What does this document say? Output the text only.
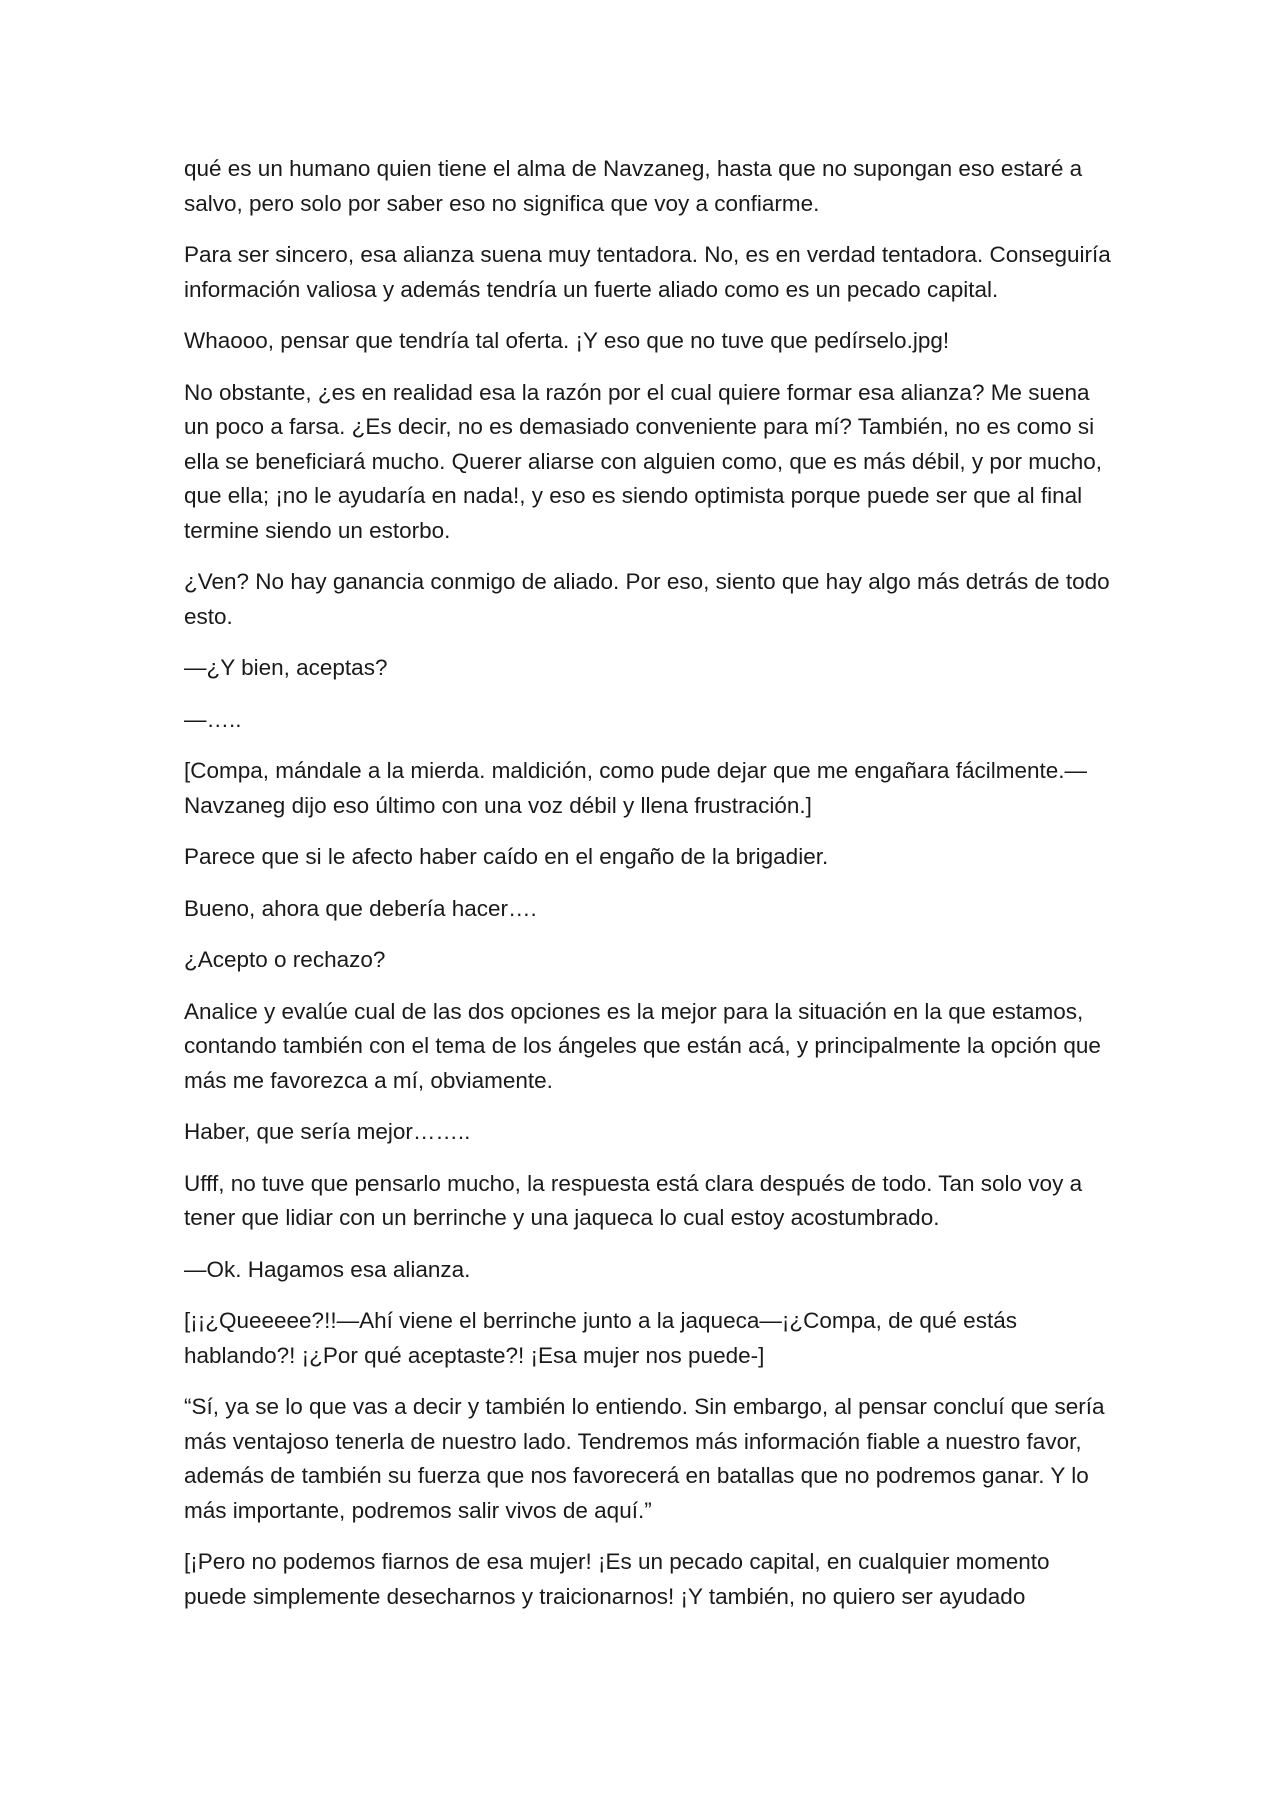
qué es un humano quien tiene el alma de Navzaneg, hasta que no supongan eso estaré a salvo, pero solo por saber eso no significa que voy a confiarme.

Para ser sincero, esa alianza suena muy tentadora. No, es en verdad tentadora. Conseguiría información valiosa y además tendría un fuerte aliado como es un pecado capital.

Whaooo, pensar que tendría tal oferta. ¡Y eso que no tuve que pedírselo.jpg!

No obstante, ¿es en realidad esa la razón por el cual quiere formar esa alianza? Me suena un poco a farsa. ¿Es decir, no es demasiado conveniente para mí? También, no es como si ella se beneficiará mucho. Querer aliarse con alguien como, que es más débil, y por mucho, que ella; ¡no le ayudaría en nada!, y eso es siendo optimista porque puede ser que al final termine siendo un estorbo.

¿Ven? No hay ganancia conmigo de aliado. Por eso, siento que hay algo más detrás de todo esto.

—¿Y bien, aceptas?

—…..

[Compa, mándale a la mierda. maldición, como pude dejar que me engañara fácilmente.—Navzaneg dijo eso último con una voz débil y llena frustración.]

Parece que si le afecto haber caído en el engaño de la brigadier.

Bueno, ahora que debería hacer….

¿Acepto o rechazo?

Analice y evalúe cual de las dos opciones es la mejor para la situación en la que estamos, contando también con el tema de los ángeles que están acá, y principalmente la opción que más me favorezca a mí, obviamente.

Haber, que sería mejor……..

Ufff, no tuve que pensarlo mucho, la respuesta está clara después de todo. Tan solo voy a tener que lidiar con un berrinche y una jaqueca lo cual estoy acostumbrado.

—Ok. Hagamos esa alianza.

[¡¡¿Queeeee?!!—Ahí viene el berrinche junto a la jaqueca—¡¿Compa, de qué estás hablando?! ¡¿Por qué aceptaste?! ¡Esa mujer nos puede-]

“Sí, ya se lo que vas a decir y también lo entiendo. Sin embargo, al pensar concluí que sería más ventajoso tenerla de nuestro lado. Tendremos más información fiable a nuestro favor, además de también su fuerza que nos favorecerá en batallas que no podremos ganar. Y lo más importante, podremos salir vivos de aquí.”

[¡Pero no podemos fiarnos de esa mujer! ¡Es un pecado capital, en cualquier momento puede simplemente desecharnos y traicionarnos! ¡Y también, no quiero ser ayudado
